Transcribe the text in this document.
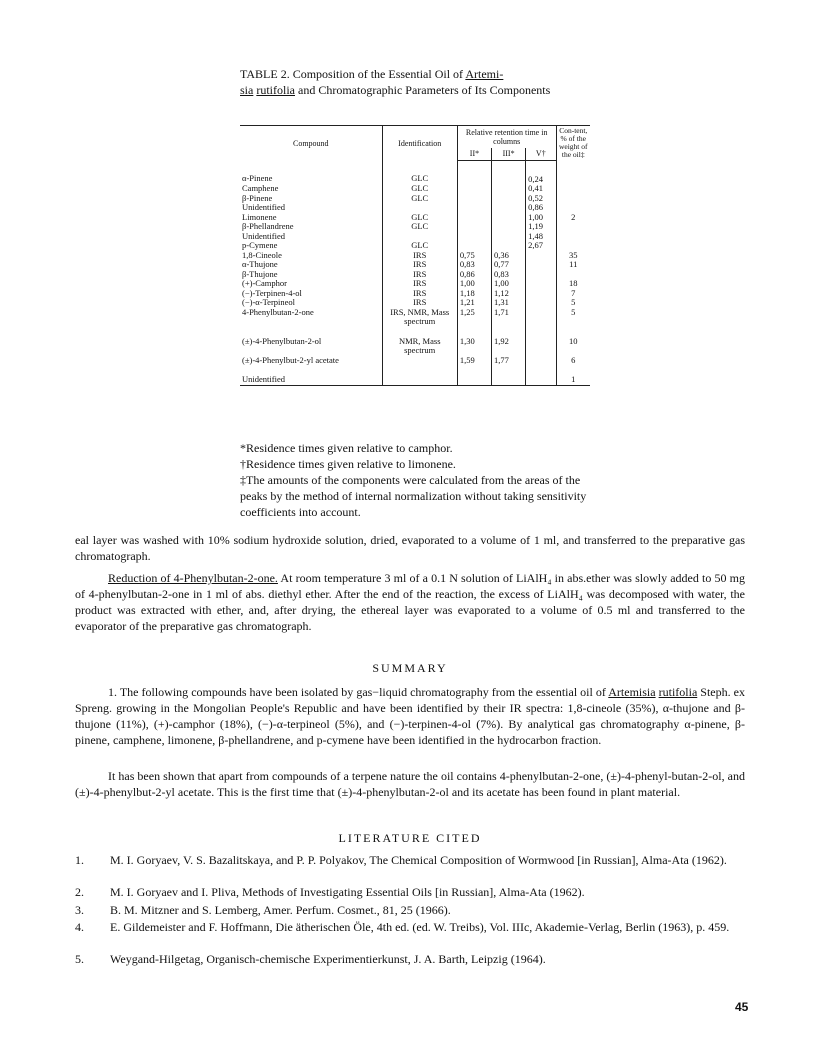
TABLE 2. Composition of the Essential Oil of Artemi-
sia rutifolia and Chromatographic Parameters of Its Components
Compound	Identification	Relative retention time in columns			Con-tent, % of the weight of the oil‡
		II*	III*	V†	
α-Pinene	GLC			0,24	
Camphene	GLC			0,41	
β-Pinene	GLC			0,52	
Unidentified				0,86	
Limonene	GLC			1,00	2
β-Phellandrene	GLC			1,19	
Unidentified				1,48	
p-Cymene	GLC			2,67	
1,8-Cineole	IRS	0,75	0,36		35
α-Thujone	IRS	0,83	0,77		11
β-Thujone	IRS	0,86	0,83		
(+)-Camphor	IRS	1,00	1,00		18
(−)-Terpinen-4-ol	IRS	1,18	1,12		7
(−)-α-Terpineol	IRS	1,21	1,31		5
4-Phenylbutan-2-one	IRS, NMR, Mass spectrum	1,25	1,71		5

(±)-4-Phenylbutan-2-ol	NMR, Mass spectrum	1,30	1,92		10
(±)-4-Phenylbut-2-yl acetate		1,59	1,77		6

Unidentified					1
*Residence times given relative to camphor.
†Residence times given relative to limonene.
‡The amounts of the components were calculated from the areas of the peaks by the method of internal normalization without taking sensitivity coefficients into account.
eal layer was washed with 10% sodium hydroxide solution, dried, evaporated to a volume of 1 ml, and transferred to the preparative gas chromatograph.
Reduction of 4-Phenylbutan-2-one. At room temperature 3 ml of a 0.1 N solution of LiAlH₄ in abs.ether was slowly added to 50 mg of 4-phenylbutan-2-one in 1 ml of abs. diethyl ether. After the end of the reaction, the excess of LiAlH₄ was decomposed with water, the product was extracted with ether, and, after drying, the ethereal layer was evaporated to a volume of 0.5 ml and transferred to the evaporator of the preparative gas chromatograph.
SUMMARY
1. The following compounds have been isolated by gas−liquid chromatography from the essential oil of Artemisia rutifolia Steph. ex Spreng. growing in the Mongolian People's Republic and have been identified by their IR spectra: 1,8-cineole (35%), α-thujone and β-thujone (11%), (+)-camphor (18%), (−)-α-terpineol (5%), and (−)-terpinen-4-ol (7%). By analytical gas chromatography α-pinene, β-pinene, camphene, limonene, β-phellandrene, and p-cymene have been identified in the hydrocarbon fraction.
It has been shown that apart from compounds of a terpene nature the oil contains 4-phenylbutan-2-one, (±)-4-phenyl-butan-2-ol, and (±)-4-phenylbut-2-yl acetate. This is the first time that (±)-4-phenylbutan-2-ol and its acetate has been found in plant material.
LITERATURE CITED
1. M. I. Goryaev, V. S. Bazalitskaya, and P. P. Polyakov, The Chemical Composition of Wormwood [in Russian], Alma-Ata (1962).
2. M. I. Goryaev and I. Pliva, Methods of Investigating Essential Oils [in Russian], Alma-Ata (1962).
3. B. M. Mitzner and S. Lemberg, Amer. Perfum. Cosmet., 81, 25 (1966).
4. E. Gildemeister and F. Hoffmann, Die ätherischen Öle, 4th ed. (ed. W. Treibs), Vol. IIIc, Akademie-Verlag, Berlin (1963), p. 459.
5. Weygand-Hilgetag, Organisch-chemische Experimentierkunst, J. A. Barth, Leipzig (1964).
45
